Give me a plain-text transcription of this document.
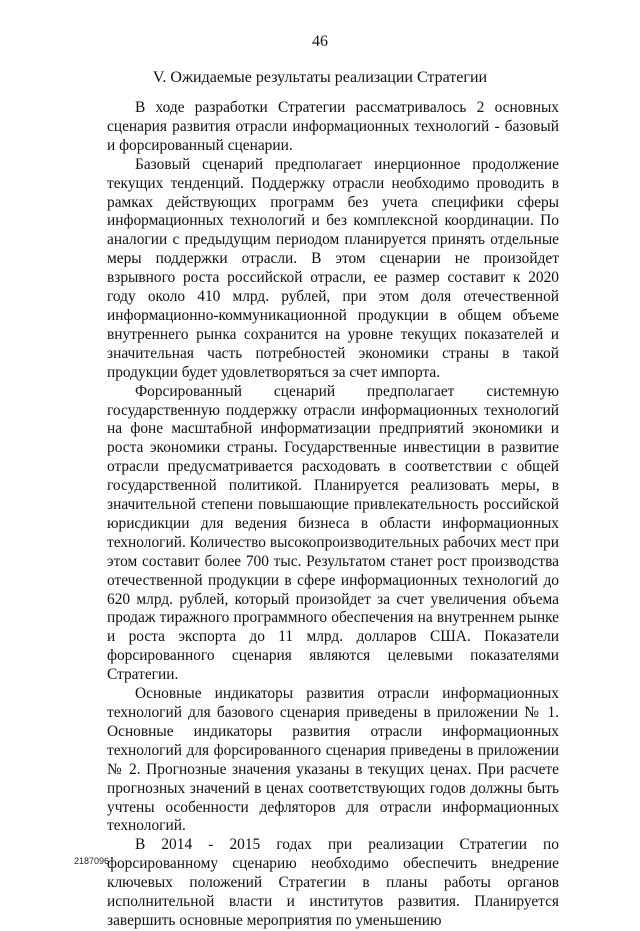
46
V. Ожидаемые результаты реализации Стратегии

В ходе разработки Стратегии рассматривалось 2 основных сценария развития отрасли информационных технологий - базовый и форсированный сценарии.

Базовый сценарий предполагает инерционное продолжение текущих тенденций. Поддержку отрасли необходимо проводить в рамках действующих программ без учета специфики сферы информационных технологий и без комплексной координации. По аналогии с предыдущим периодом планируется принять отдельные меры поддержки отрасли. В этом сценарии не произойдет взрывного роста российской отрасли, ее размер составит к 2020 году около 410 млрд. рублей, при этом доля отечественной информационно-коммуникационной продукции в общем объеме внутреннего рынка сохранится на уровне текущих показателей и значительная часть потребностей экономики страны в такой продукции будет удовлетворяться за счет импорта.

Форсированный сценарий предполагает системную государственную поддержку отрасли информационных технологий на фоне масштабной информатизации предприятий экономики и роста экономики страны. Государственные инвестиции в развитие отрасли предусматривается расходовать в соответствии с общей государственной политикой. Планируется реализовать меры, в значительной степени повышающие привлекательность российской юрисдикции для ведения бизнеса в области информационных технологий. Количество высокопроизводительных рабочих мест при этом составит более 700 тыс. Результатом станет рост производства отечественной продукции в сфере информационных технологий до 620 млрд. рублей, который произойдет за счет увеличения объема продаж тиражного программного обеспечения на внутреннем рынке и роста экспорта до 11 млрд. долларов США. Показатели форсированного сценария являются целевыми показателями Стратегии.

Основные индикаторы развития отрасли информационных технологий для базового сценария приведены в приложении № 1. Основные индикаторы развития отрасли информационных технологий для форсированного сценария приведены в приложении № 2. Прогнозные значения указаны в текущих ценах. При расчете прогнозных значений в ценах соответствующих годов должны быть учтены особенности дефляторов для отрасли информационных технологий.

В 2014 - 2015 годах при реализации Стратегии по форсированному сценарию необходимо обеспечить внедрение ключевых положений Стратегии в планы работы органов исполнительной власти и институтов развития. Планируется завершить основные мероприятия по уменьшению

2187096
